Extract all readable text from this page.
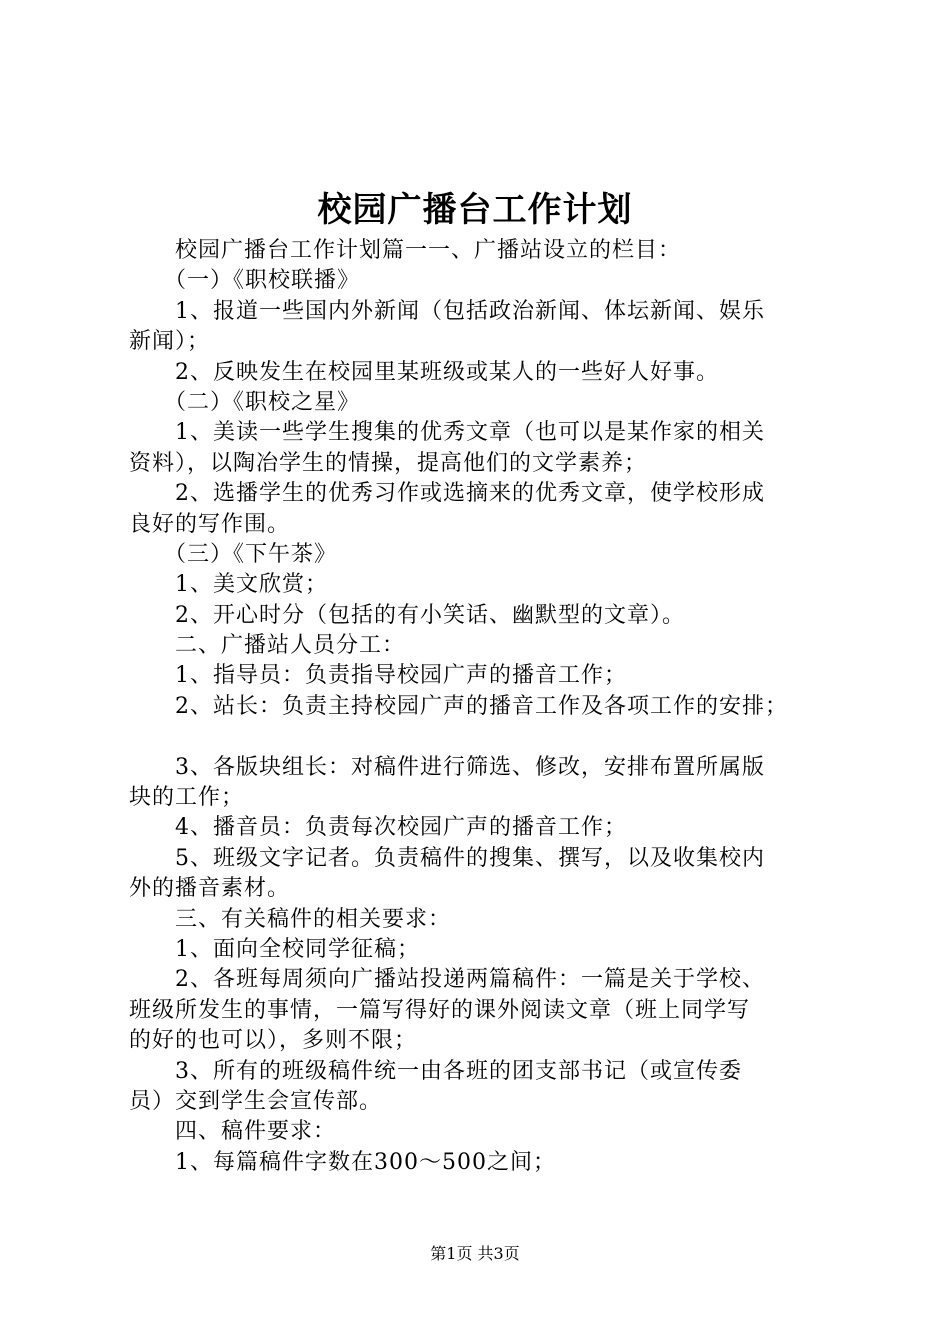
校园广播台工作计划
　　校园广播台工作计划篇一一、广播站设立的栏目：
　　（一）《职校联播》
　　1、报道一些国内外新闻（包括政治新闻、体坛新闻、娱乐
新闻）；
　　2、反映发生在校园里某班级或某人的一些好人好事。
　　（二）《职校之星》
　　1、美读一些学生搜集的优秀文章（也可以是某作家的相关
资料），以陶冶学生的情操，提高他们的文学素养；
　　2、选播学生的优秀习作或选摘来的优秀文章，使学校形成
良好的写作围。
　　（三）《下午茶》
　　1、美文欣赏；
　　2、开心时分（包括的有小笑话、幽默型的文章）。
　　二、广播站人员分工：
　　1、指导员：负责指导校园广声的播音工作；
　　2、站长：负责主持校园广声的播音工作及各项工作的安排；
　　3、各版块组长：对稿件进行筛选、修改，安排布置所属版
块的工作；
　　4、播音员：负责每次校园广声的播音工作；
　　5、班级文字记者。负责稿件的搜集、撰写，以及收集校内
外的播音素材。
　　三、有关稿件的相关要求：
　　1、面向全校同学征稿；
　　2、各班每周须向广播站投递两篇稿件：一篇是关于学校、
班级所发生的事情，一篇写得好的课外阅读文章（班上同学写
的好的也可以），多则不限；
　　3、所有的班级稿件统一由各班的团支部书记（或宣传委
员）交到学生会宣传部。
　　四、稿件要求：
　　1、每篇稿件字数在300～500之间；
第1页 共3页
